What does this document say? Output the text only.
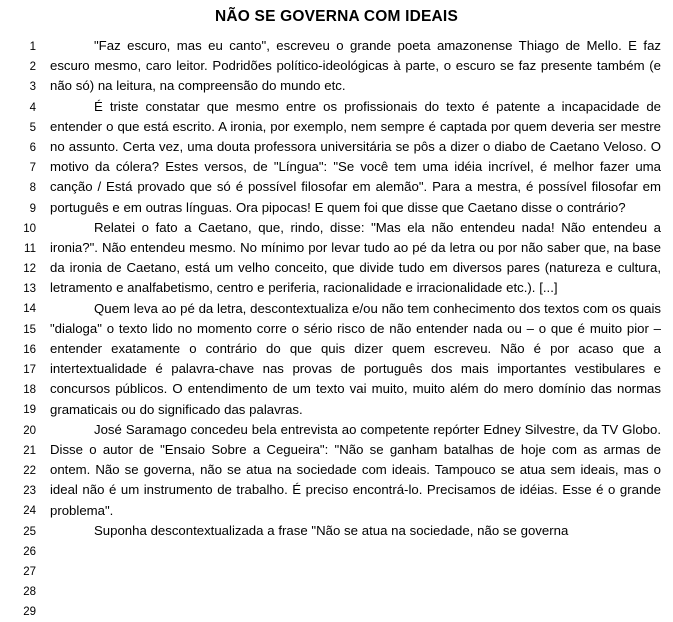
NÃO SE GOVERNA COM IDEAIS
1
2
3
4
5
6
7
8
9
10
11
12
13
14
15
16
17
18
19
20
21
22
23
24
25
26
27
28
29

"Faz escuro, mas eu canto", escreveu o grande poeta amazonense Thiago de Mello. E faz escuro mesmo, caro leitor. Podridões político-ideológicas à parte, o escuro se faz presente também (e não só) na leitura, na compreensão do mundo etc.

É triste constatar que mesmo entre os profissionais do texto é patente a incapacidade de entender o que está escrito. A ironia, por exemplo, nem sempre é captada por quem deveria ser mestre no assunto. Certa vez, uma douta professora universitária se pôs a dizer o diabo de Caetano Veloso. O motivo da cólera? Estes versos, de "Língua": "Se você tem uma idéia incrível, é melhor fazer uma canção / Está provado que só é possível filosofar em alemão". Para a mestra, é possível filosofar em português e em outras línguas. Ora pipocas! E quem foi que disse que Caetano disse o contrário?

Relatei o fato a Caetano, que, rindo, disse: "Mas ela não entendeu nada! Não entendeu a ironia?". Não entendeu mesmo. No mínimo por levar tudo ao pé da letra ou por não saber que, na base da ironia de Caetano, está um velho conceito, que divide tudo em diversos pares (natureza e cultura, letramento e analfabetismo, centro e periferia, racionalidade e irracionalidade etc.). [...]

Quem leva ao pé da letra, descontextualiza e/ou não tem conhecimento dos textos com os quais "dialoga" o texto lido no momento corre o sério risco de não entender nada ou – o que é muito pior – entender exatamente o contrário do que quis dizer quem escreveu. Não é por acaso que a intertextualidade é palavra-chave nas provas de português dos mais importantes vestibulares e concursos públicos. O entendimento de um texto vai muito, muito além do mero domínio das normas gramaticais ou do significado das palavras.

José Saramago concedeu bela entrevista ao competente repórter Edney Silvestre, da TV Globo. Disse o autor de "Ensaio Sobre a Cegueira": "Não se ganham batalhas de hoje com as armas de ontem. Não se governa, não se atua na sociedade com ideais. Tampouco se atua sem ideais, mas o ideal não é um instrumento de trabalho. É preciso encontrá-lo. Precisamos de idéias. Esse é o grande problema".

Suponha descontextualizada a frase "Não se atua na sociedade, não se governa
